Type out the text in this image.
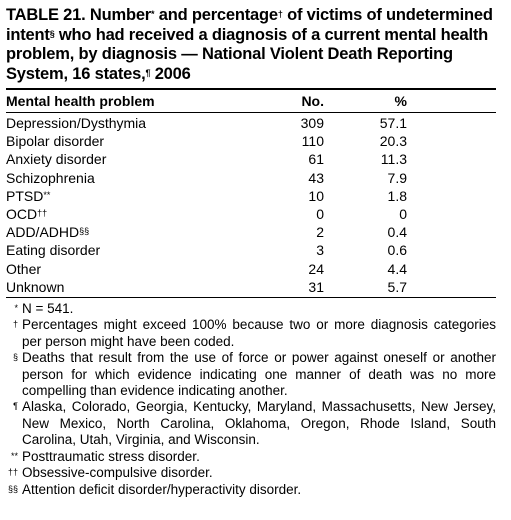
TABLE 21. Number* and percentage† of victims of undetermined intent§ who had received a diagnosis of a current mental health problem, by diagnosis — National Violent Death Reporting System, 16 states,¶ 2006

Mental health problem	No.	%
Depression/Dysthymia	309	57.1
Bipolar disorder	110	20.3
Anxiety disorder	61	11.3
Schizophrenia	43	7.9
PTSD**	10	1.8
OCD††	0	0
ADD/ADHD§§	2	0.4
Eating disorder	3	0.6
Other	24	4.4
Unknown	31	5.7
* N = 541.
† Percentages might exceed 100% because two or more diagnosis categories per person might have been coded.
§ Deaths that result from the use of force or power against oneself or another person for which evidence indicating one manner of death was no more compelling than evidence indicating another.
¶ Alaska, Colorado, Georgia, Kentucky, Maryland, Massachusetts, New Jersey, New Mexico, North Carolina, Oklahoma, Oregon, Rhode Island, South Carolina, Utah, Virginia, and Wisconsin.
** Posttraumatic stress disorder.
†† Obsessive-compulsive disorder.
§§ Attention deficit disorder/hyperactivity disorder.
